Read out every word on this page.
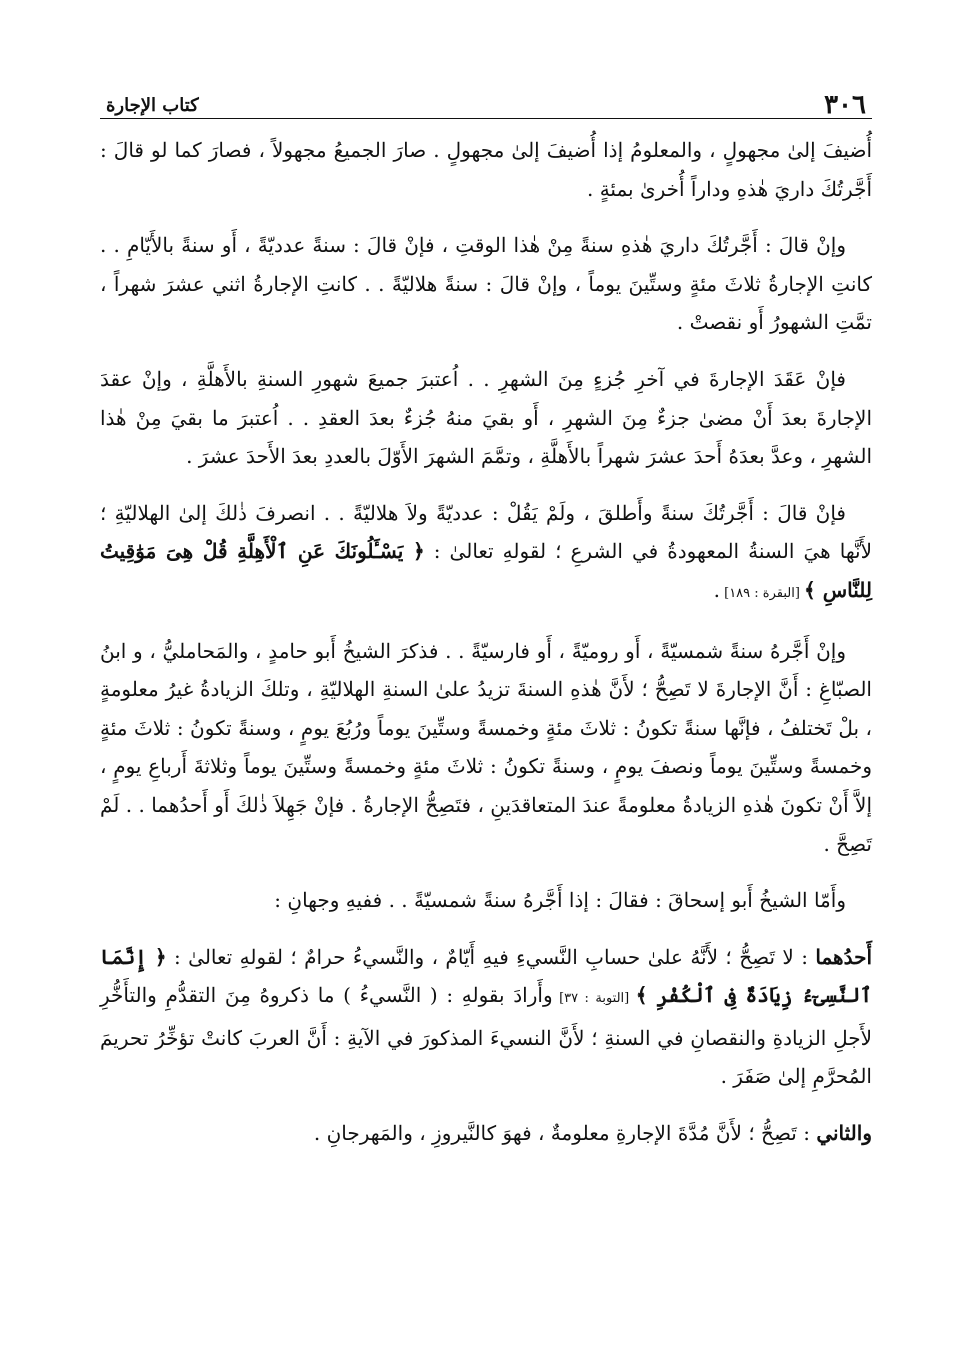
٣٠٦
كتاب الإجارة

أُضيفَ إلىٰ مجهولٍ ، والمعلومُ إذا أُضيفَ إلىٰ مجهولٍ . صارَ الجميعُ مجهولاً ، فصارَ كما لو قالَ : أَجَّرتُكَ داريَ هٰذهِ وداراً أُخرىٰ بمئةٍ .

وإنْ قالَ : أَجَّرتُكَ داريَ هٰذهِ سنةً مِنْ هٰذا الوقتِ ، فإنْ قالَ : سنةً عدديّةً ، أَو سنةً بالأَيّامِ . . كانتِ الإجارةُ ثلاثَ مئةٍ وستِّينَ يوماً ، وإنْ قالَ : سنةً هلاليّةً . . كانتِ الإجارةُ اثني عشرَ شهراً ، تمَّتِ الشهورُ أَو نقصتْ .

فإنْ عَقَدَ الإجارةَ في آخرِ جُزءٍ مِنَ الشهرِ . . اُعتبرَ جميعَ شهورِ السنةِ بالأَهلَّةِ ، وإنْ عقدَ الإجارةَ بعدَ أَنْ مضىٰ جزءٌ مِنَ الشهرِ ، أَو بقيَ منهُ جُزءٌ بعدَ العقدِ . . اُعتبرَ ما بقيَ مِنْ هٰذا الشهرِ ، وعدَّ بعدَهُ أَحدَ عشرَ شهراً بالأَهلَّةِ ، وتمَّمَ الشهرَ الأَوّلَ بالعددِ بعدَ الأَحدَ عشرَ .

فإنْ قالَ : أَجَّرتُكَ سنةً وأَطلقَ ، ولَمْ يَقُلْ : عدديّةً ولاَ هلاليّةً . . انصرفَ ذٰلكَ إلىٰ الهلاليّةِ ؛ لأَنَّها هيَ السنةُ المعهودةُ في الشرعِ ؛ لقولهِ تعالىٰ : ﴿ يَسْـَٔلُونَكَ عَنِ ٱلْأَهِلَّةِ قُلْ هِىَ مَوَٰقِيتُ لِلنَّاسِ ﴾ [البقرة : ١٨٩] .

وإنْ أَجَّرهُ سنةً شمسيّةً ، أَو روميّةً ، أَو فارسيّةً . . فذكرَ الشيخُ أَبو حامدٍ ، والمَحامليُّ ، و ابنُ الصبّاغِ : أَنَّ الإجارةَ لا تَصِحُّ ؛ لأَنَّ هٰذهِ السنةَ تزيدُ علىٰ السنةِ الهلاليّةِ ، وتلكَ الزيادةُ غيرُ معلومةٍ ، بلْ تَختلفُ ، فإنَّها سنةً تكونُ : ثلاثَ مئةٍ وخمسةً وستِّينَ يوماً ورُبُعَ يومٍ ، وسنةً تكونُ : ثلاثَ مئةٍ وخمسةً وستِّينَ يوماً ونصفَ يومٍ ، وسنةً تكونُ : ثلاثَ مئةٍ وخمسةً وستِّينَ يوماً وثلاثةَ أَرباعِ يومٍ ، إلاَّ أَنْ تكونَ هٰذهِ الزيادةُ معلومةً عندَ المتعاقدَينِ ، فتَصِحُّ الإجارةُ . فإنْ جَهِلاَ ذٰلكَ أَو أَحدُهما . . لَمْ تَصِحَّ .

وأَمّا الشيخُ أَبو إسحاقَ : فقالَ : إذا أَجَّرهُ سنةً شمسيّةً . . ففيهِ وجهانِ :

أَحدُهما : لا تَصِحُّ ؛ لأَنَّهُ علىٰ حسابِ النَّسيءِ فيهِ أَيّامٌ ، والنَّسيءُ حرامٌ ؛ لقولهِ تعالىٰ : ﴿ إِنَّمَا ٱلنَّسِىٓءُ زِيَادَةٌ فِى ٱلْكُفْرِ ﴾ [التوبة : ٣٧] وأَرادَ بقولهِ : ( النَّسيءُ ) ما ذكروهُ مِنَ التقدُّمِ والتأَخُّرِ لأَجلِ الزيادةِ والنقصانِ في السنةِ ؛ لأَنَّ النسيءَ المذكورَ في الآيةِ : أَنَّ العربَ كانتْ تؤخِّرُ تحريمَ المُحرَّمِ إلىٰ صَفَرَ .

والثاني : تَصِحُّ ؛ لأَنَّ مُدَّةَ الإجارةِ معلومةٌ ، فهوَ كالنَّيروزِ ، والمَهرجانِ .
